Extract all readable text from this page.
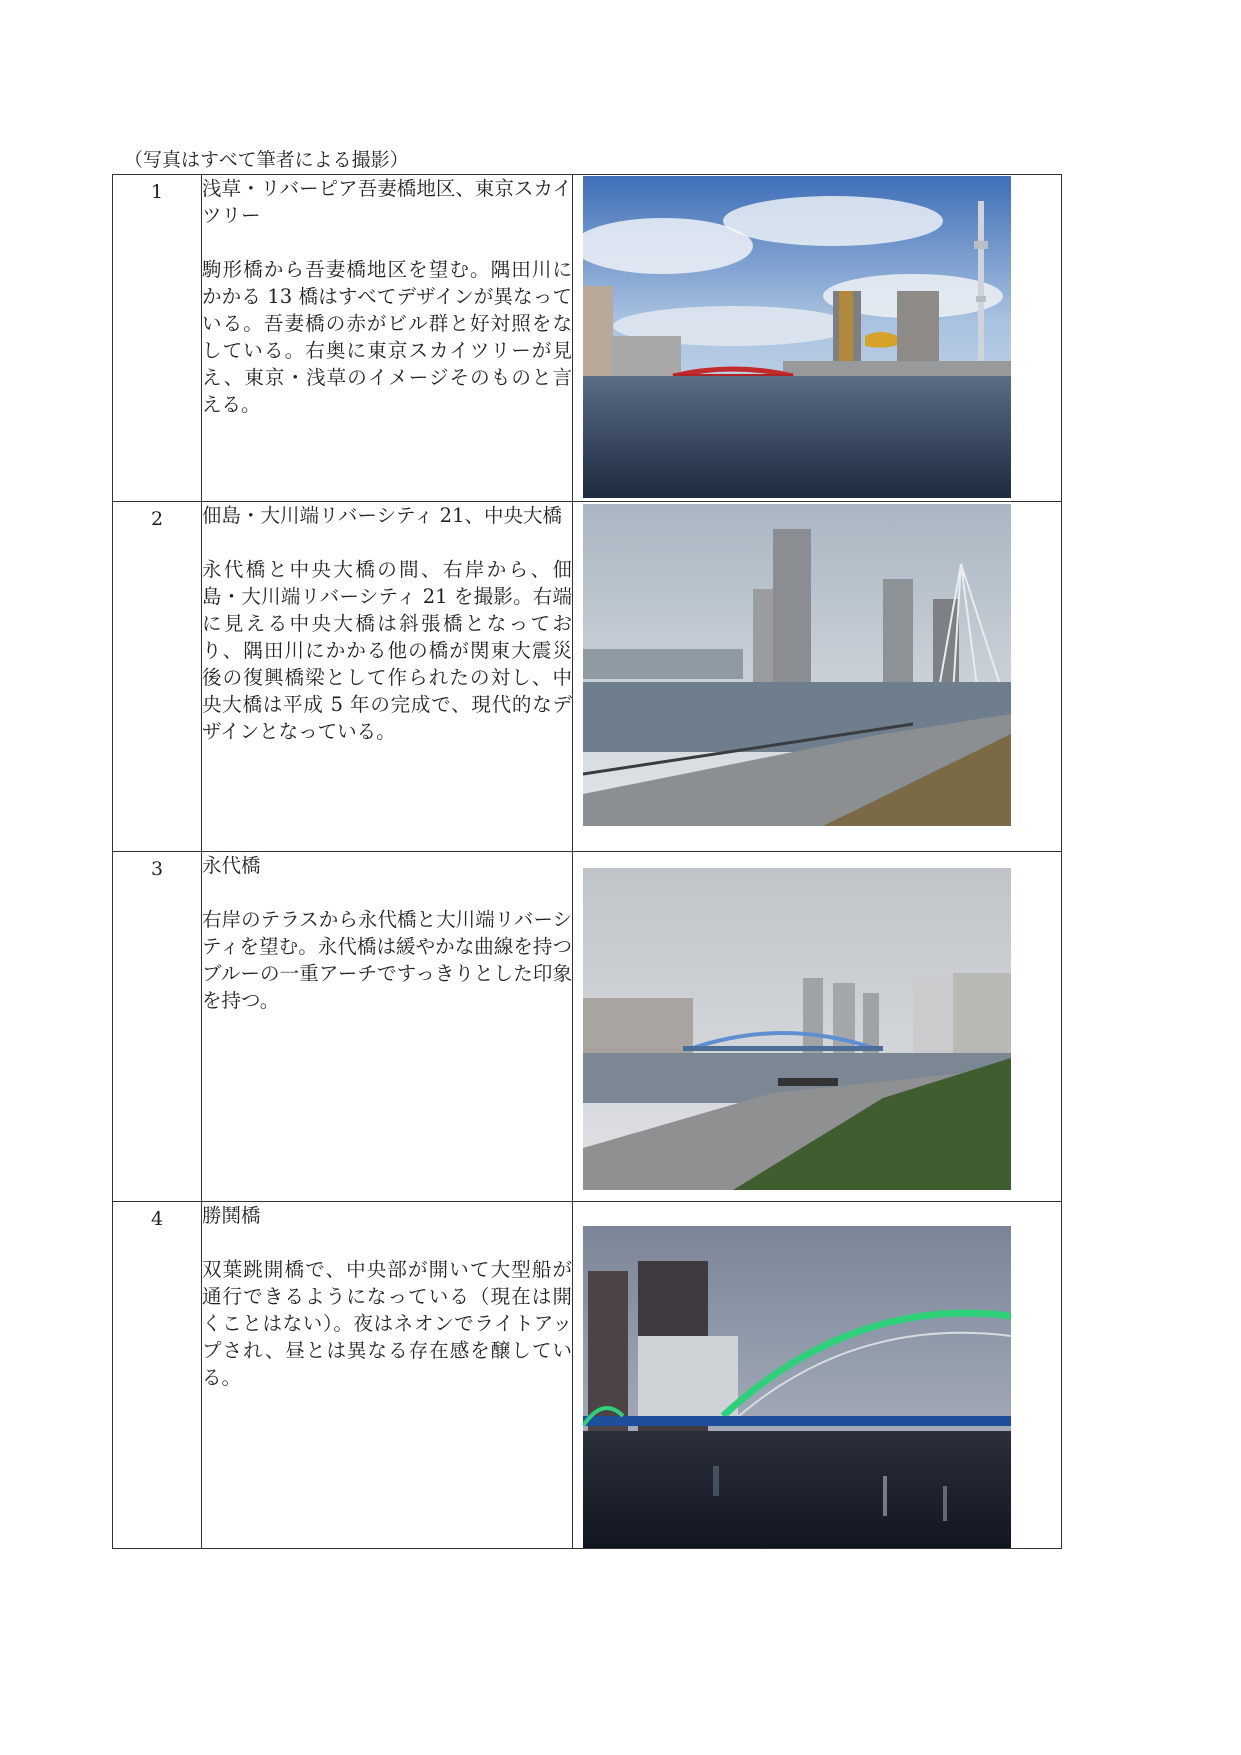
（写真はすべて筆者による撮影）
1	浅草・リバーピア吾妻橋地区、東京スカイツリー
駒形橋から吾妻橋地区を望む。隅田川にかかる 13 橋はすべてデザインが異なっている。吾妻橋の赤がビル群と好対照をなしている。右奥に東京スカイツリーが見え、東京・浅草のイメージそのものと言える。

2	佃島・大川端リバーシティ 21、中央大橋
永代橋と中央大橋の間、右岸から、佃島・大川端リバーシティ 21 を撮影。右端に見える中央大橋は斜張橋となっており、隅田川にかかる他の橋が関東大震災後の復興橋梁として作られたの対し、中央大橋は平成 5 年の完成で、現代的なデザインとなっている。

3	永代橋
右岸のテラスから永代橋と大川端リバーシティを望む。永代橋は緩やかな曲線を持つブルーの一重アーチですっきりとした印象を持つ。

4	勝鬨橋
双葉跳開橋で、中央部が開いて大型船が通行できるようになっている（現在は開くことはない）。夜はネオンでライトアップされ、昼とは異なる存在感を醸している。
